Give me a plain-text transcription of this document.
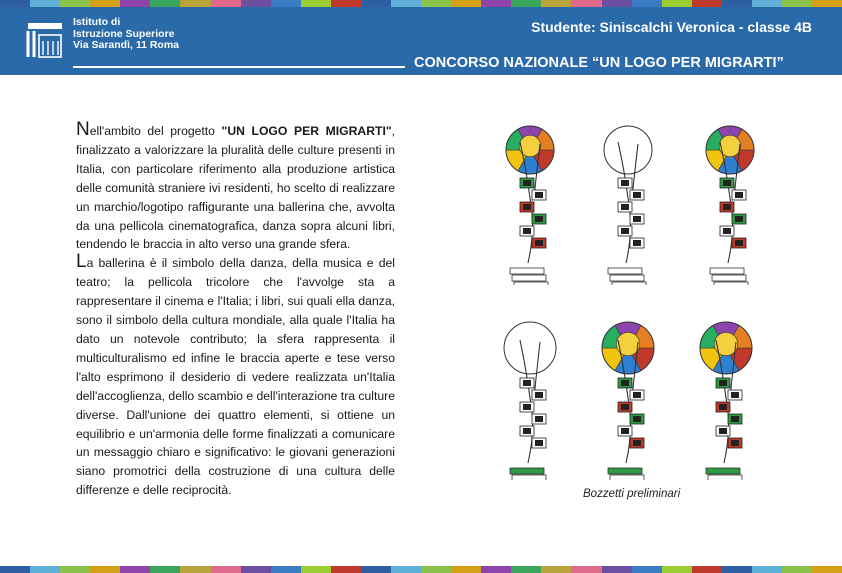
Istituto di
Istruzione Superiore
Via Sarandì, 11 Roma
Studente: Siniscalchi Veronica - classe 4B
CONCORSO NAZIONALE “UN LOGO PER MIGRARTI”

Nell'ambito del progetto "UN LOGO PER MIGRARTI", finalizzato a valorizzare la pluralità delle culture presenti in Italia, con particolare riferimento alla produzione artistica delle comunità straniere ivi residenti, ho scelto di realizzare un marchio/logotipo raffigurante una ballerina che, avvolta da una pellicola cinematografica, danza sopra alcuni libri, tendendo le braccia in alto verso una grande sfera.

La ballerina è il simbolo della danza, della musica e del teatro; la pellicola tricolore che l'avvolge sta a rappresentare il cinema e l'Italia; i libri, sui quali ella danza, sono il simbolo della cultura mondiale, alla quale l'Italia ha dato un notevole contributo; la sfera rappresenta il multiculturalismo ed infine le braccia aperte e tese verso l'alto esprimono il desiderio di vedere realizzata un'Italia dell'accoglienza, dello scambio e dell'interazione tra culture diverse. Dall'unione dei quattro elementi, si ottiene un equilibrio e un'armonia delle forme finalizzati a comunicare un messaggio chiaro e significativo: le giovani generazioni siano promotrici della costruzione di una cultura delle differenze e delle reciprocità.	Bozzetti preliminari
